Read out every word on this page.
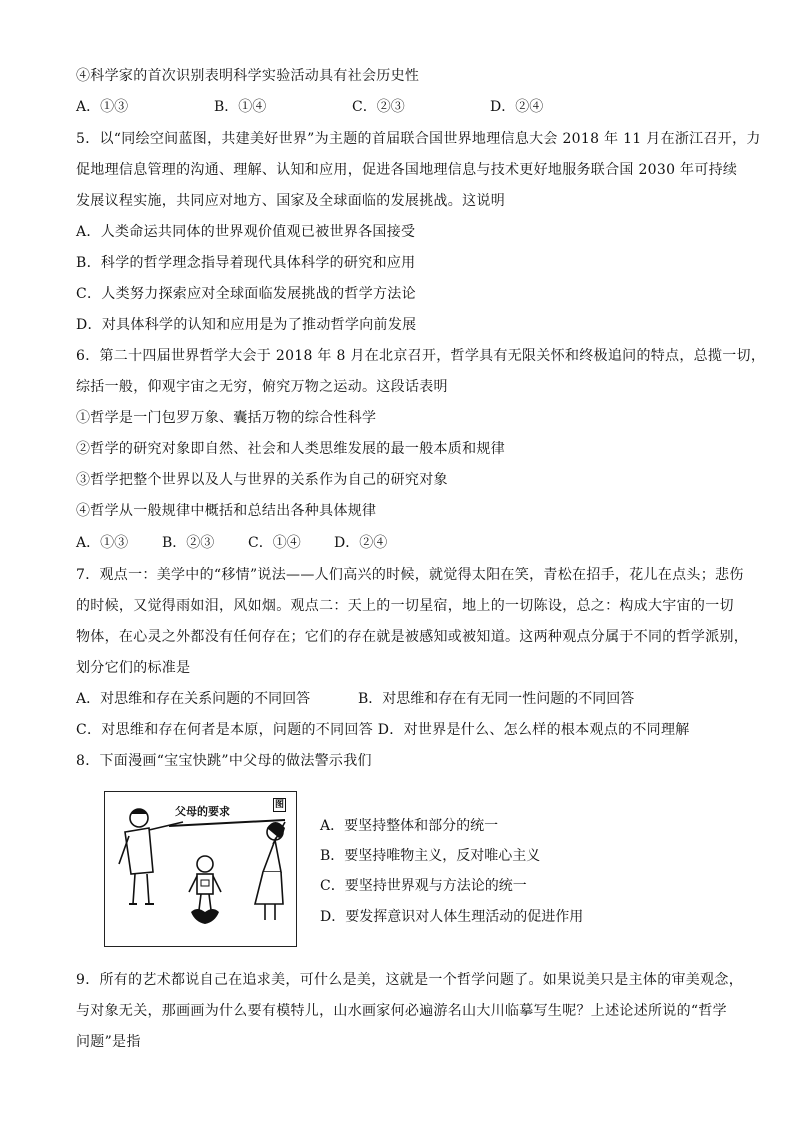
④科学家的首次识别表明科学实验活动具有社会历史性
A．①③	B．①④	C．②③	D．②④
5．以“同绘空间蓝图，共建美好世界”为主题的首届联合国世界地理信息大会 2018 年 11 月在浙江召开，力
促地理信息管理的沟通、理解、认知和应用，促进各国地理信息与技术更好地服务联合国 2030 年可持续
发展议程实施，共同应对地方、国家及全球面临的发展挑战。这说明
A．人类命运共同体的世界观价值观已被世界各国接受
B．科学的哲学理念指导着现代具体科学的研究和应用
C．人类努力探索应对全球面临发展挑战的哲学方法论
D．对具体科学的认知和应用是为了推动哲学向前发展
6．第二十四届世界哲学大会于 2018 年 8 月在北京召开，哲学具有无限关怀和终极追问的特点，总揽一切，
综括一般，仰观宇宙之无穷，俯究万物之运动。这段话表明
①哲学是一门包罗万象、囊括万物的综合性科学
②哲学的研究对象即自然、社会和人类思维发展的最一般本质和规律
③哲学把整个世界以及人与世界的关系作为自己的研究对象
④哲学从一般规律中概括和总结出各种具体规律
A．①③ B．②③ C．①④ D．②④
7．观点一：美学中的“移情”说法——人们高兴的时候，就觉得太阳在笑，青松在招手，花儿在点头；悲伤
的时候，又觉得雨如泪，风如烟。观点二：天上的一切星宿，地上的一切陈设，总之：构成大宇宙的一切
物体，在心灵之外都没有任何存在；它们的存在就是被感知或被知道。这两种观点分属于不同的哲学派别，
划分它们的标准是
A．对思维和存在关系问题的不同回答	B．对思维和存在有无同一性问题的不同回答
C．对思维和存在何者是本原，问题的不同回答 D．对世界是什么、怎么样的根本观点的不同理解
8．下面漫画“宝宝快跳”中父母的做法警示我们
父母的要求	图
A．要坚持整体和部分的统一
B．要坚持唯物主义，反对唯心主义
C．要坚持世界观与方法论的统一
D．要发挥意识对人体生理活动的促进作用
9．所有的艺术都说自己在追求美，可什么是美，这就是一个哲学问题了。如果说美只是主体的审美观念，
与对象无关，那画画为什么要有模特儿，山水画家何必遍游名山大川临摹写生呢？上述论述所说的“哲学
问题”是指
